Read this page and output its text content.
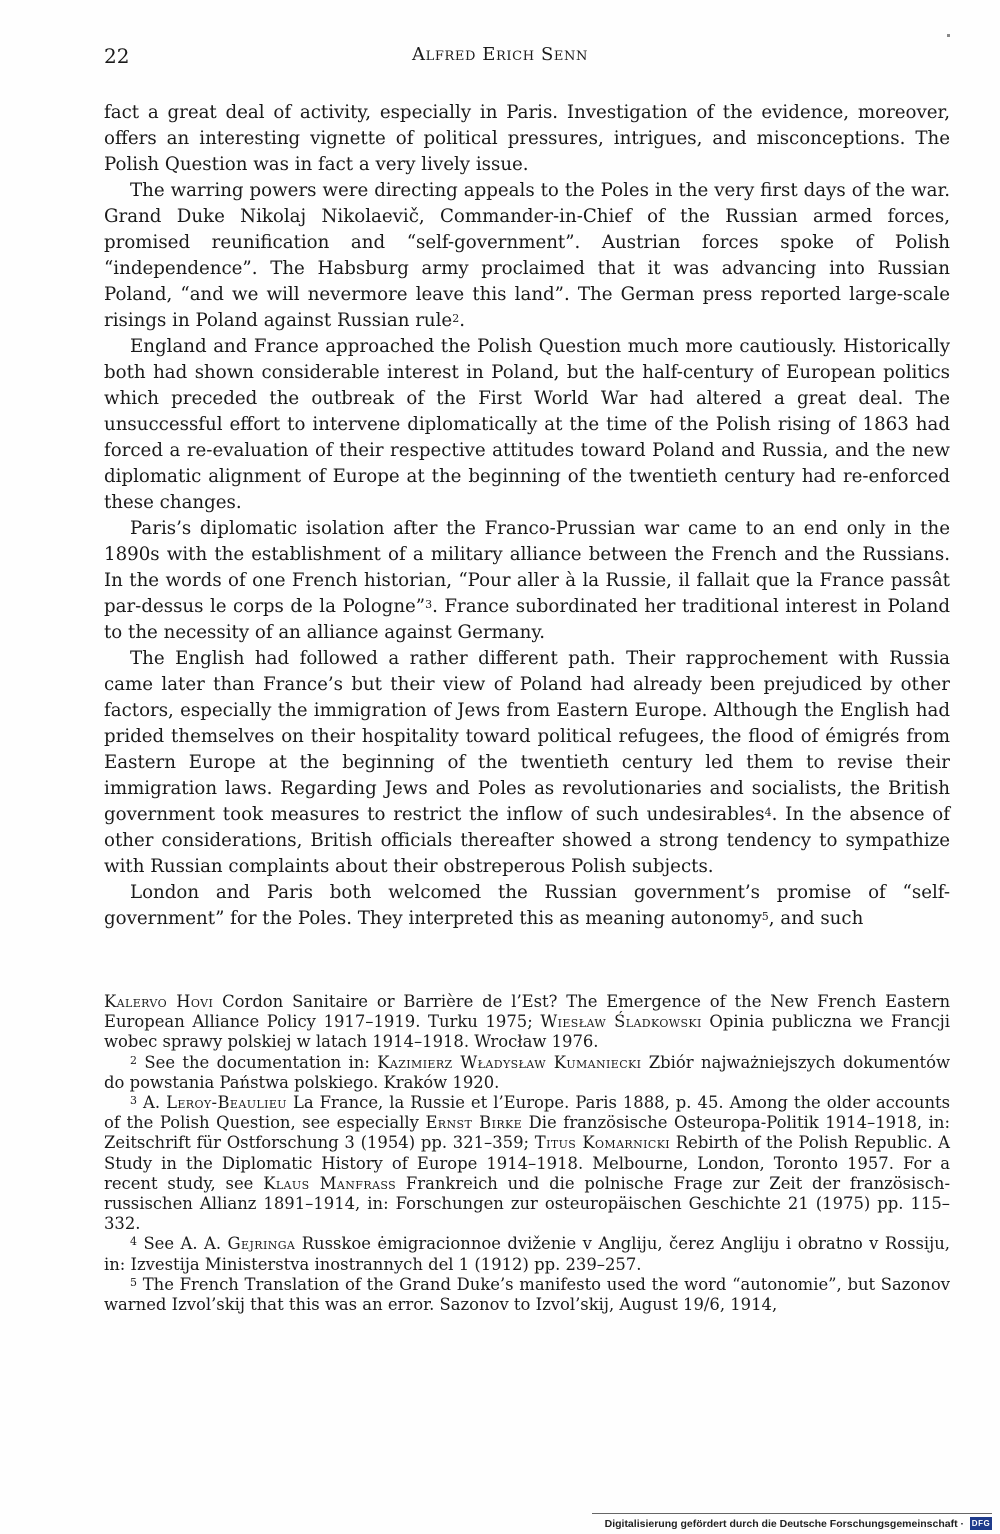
22	Alfred Erich Senn

fact a great deal of activity, especially in Paris. Investigation of the evidence, moreover, offers an interesting vignette of political pressures, intrigues, and misconceptions. The Polish Question was in fact a very lively issue.

The warring powers were directing appeals to the Poles in the very first days of the war. Grand Duke Nikolaj Nikolaevič, Commander-in-Chief of the Russian armed forces, promised reunification and “self-government”. Austrian forces spoke of Polish “independence”. The Habsburg army proclaimed that it was advancing into Russian Poland, “and we will nevermore leave this land”. The German press reported large-scale risings in Poland against Russian rule$^2$.

England and France approached the Polish Question much more cautiously. Historically both had shown considerable interest in Poland, but the half-century of European politics which preceded the outbreak of the First World War had altered a great deal. The unsuccessful effort to intervene diplomatically at the time of the Polish rising of 1863 had forced a re-evaluation of their respective attitudes toward Poland and Russia, and the new diplomatic alignment of Europe at the beginning of the twentieth century had re-enforced these changes.

Paris’s diplomatic isolation after the Franco-Prussian war came to an end only in the 1890s with the establishment of a military alliance between the French and the Russians. In the words of one French historian, “Pour aller à la Russie, il fallait que la France passât par-dessus le corps de la Pologne”$^3$. France subordinated her traditional interest in Poland to the necessity of an alliance against Germany.

The English had followed a rather different path. Their rapprochement with Russia came later than France’s but their view of Poland had already been prejudiced by other factors, especially the immigration of Jews from Eastern Europe. Although the English had prided themselves on their hospitality toward political refugees, the flood of émigrés from Eastern Europe at the beginning of the twentieth century led them to revise their immigration laws. Regarding Jews and Poles as revolutionaries and socialists, the British government took measures to restrict the inflow of such undesirables$^4$. In the absence of other considerations, British officials thereafter showed a strong tendency to sympathize with Russian complaints about their obstreperous Polish subjects.

London and Paris both welcomed the Russian government’s promise of “self-government” for the Poles. They interpreted this as meaning autonomy$^5$, and such

Kalervo Hovi Cordon Sanitaire or Barrière de l’Est? The Emergence of the New French Eastern European Alliance Policy 1917–1919. Turku 1975; Wiesław Śladkowski Opinia publiczna we Francji wobec sprawy polskiej w latach 1914–1918. Wrocław 1976.

$^2$ See the documentation in: Kazimierz Władysław Kumaniecki Zbiór najważniejszych dokumentów do powstania Państwa polskiego. Kraków 1920.

$^3$ A. Leroy-Beaulieu La France, la Russie et l’Europe. Paris 1888, p. 45. Among the older accounts of the Polish Question, see especially Ernst Birke Die französische Osteuropa-Politik 1914–1918, in: Zeitschrift für Ostforschung 3 (1954) pp. 321–359; Titus Komarnicki Rebirth of the Polish Republic. A Study in the Diplomatic History of Europe 1914–1918. Melbourne, London, Toronto 1957. For a recent study, see Klaus Manfrass Frankreich und die polnische Frage zur Zeit der französisch-russischen Allianz 1891–1914, in: Forschungen zur osteuropäischen Geschichte 21 (1975) pp. 115–332.

$^4$ See A. A. Gejringa Russkoe ėmigracionnoe dviženie v Angliju, čerez Angliju i obratno v Rossiju, in: Izvestija Ministerstva inostrannych del 1 (1912) pp. 239–257.

$^5$ The French Translation of the Grand Duke’s manifesto used the word “autonomie”, but Sazonov warned Izvol’skij that this was an error. Sazonov to Izvol’skij, August 19/6, 1914,

Digitalisierung gefördert durch die Deutsche Forschungsgemeinschaft · DFG
